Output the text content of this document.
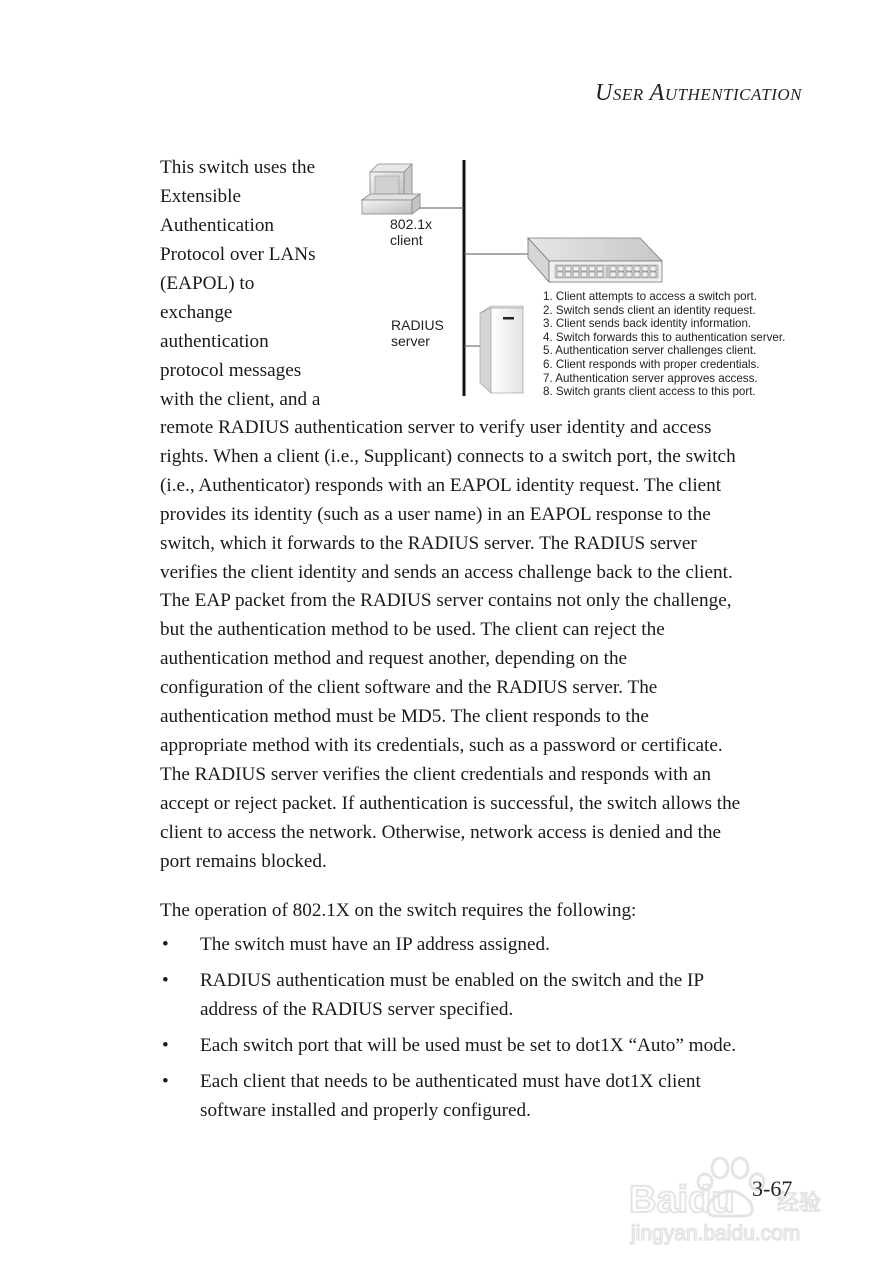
User Authentication
This switch uses the
Extensible
Authentication
Protocol over LANs
(EAPOL) to
exchange
authentication
protocol messages
with the client, and a
802.1x
client
RADIUS
server
1. Client attempts to access a switch port.
2. Switch sends client an identity request.
3. Client sends back identity information.
4. Switch forwards this to authentication server.
5. Authentication server challenges client.
6. Client responds with proper credentials.
7. Authentication server approves access.
8. Switch grants client access to this port.
remote RADIUS authentication server to verify user identity and access
rights. When a client (i.e., Supplicant) connects to a switch port, the switch
(i.e., Authenticator) responds with an EAPOL identity request. The client
provides its identity (such as a user name) in an EAPOL response to the
switch, which it forwards to the RADIUS server. The RADIUS server
verifies the client identity and sends an access challenge back to the client.
The EAP packet from the RADIUS server contains not only the challenge,
but the authentication method to be used. The client can reject the
authentication method and request another, depending on the
configuration of the client software and the RADIUS server. The
authentication method must be MD5. The client responds to the
appropriate method with its credentials, such as a password or certificate.
The RADIUS server verifies the client credentials and responds with an
accept or reject packet. If authentication is successful, the switch allows the
client to access the network. Otherwise, network access is denied and the
port remains blocked.
The operation of 802.1X on the switch requires the following:
• The switch must have an IP address assigned.
• RADIUS authentication must be enabled on the switch and the IP
address of the RADIUS server specified.
• Each switch port that will be used must be set to dot1X “Auto” mode.
• Each client that needs to be authenticated must have dot1X client
software installed and properly configured.
Baidu 经验
jingyan.baidu.com
3-67
